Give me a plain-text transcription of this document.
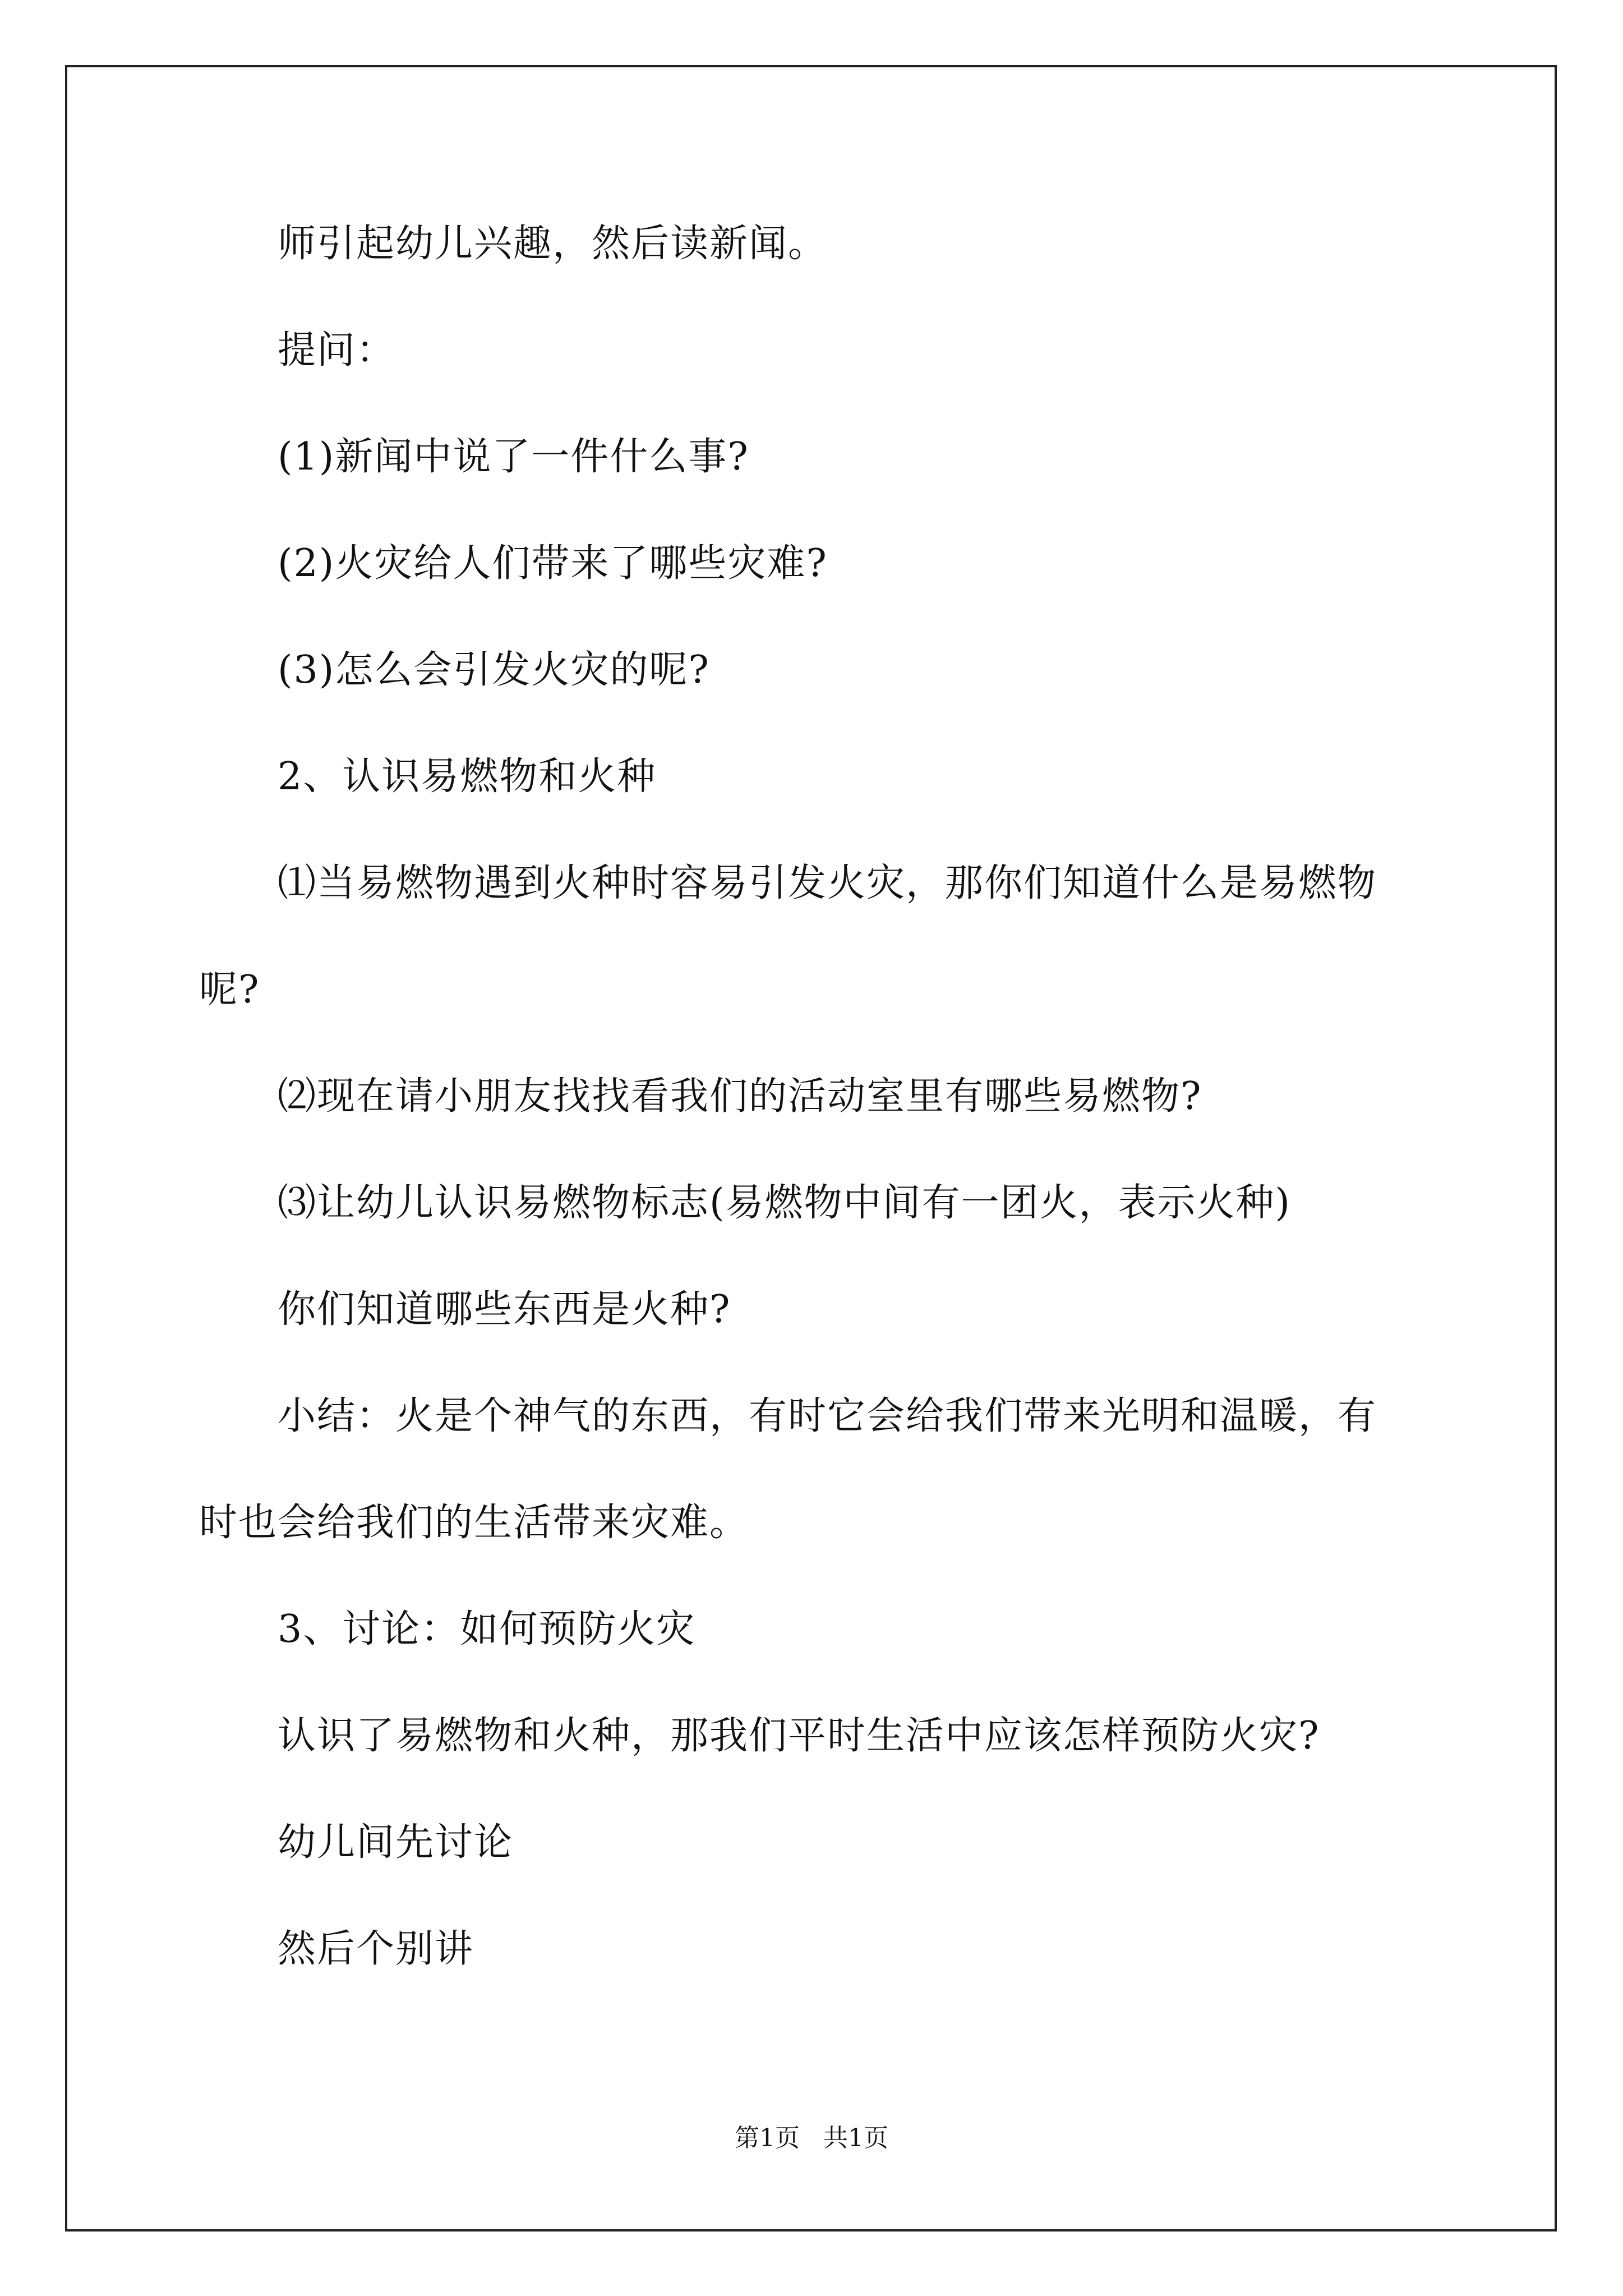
师引起幼儿兴趣，然后读新闻。
提问：
(1)新闻中说了一件什么事?
(2)火灾给人们带来了哪些灾难?
(3)怎么会引发火灾的呢?
2、认识易燃物和火种
⑴当易燃物遇到火种时容易引发火灾，那你们知道什么是易燃物
呢?
⑵现在请小朋友找找看我们的活动室里有哪些易燃物?
⑶让幼儿认识易燃物标志(易燃物中间有一团火，表示火种)
你们知道哪些东西是火种?
小结：火是个神气的东西，有时它会给我们带来光明和温暖，有
时也会给我们的生活带来灾难。
3、讨论：如何预防火灾
认识了易燃物和火种，那我们平时生活中应该怎样预防火灾?
幼儿间先讨论
然后个别讲
第1页   共1页
